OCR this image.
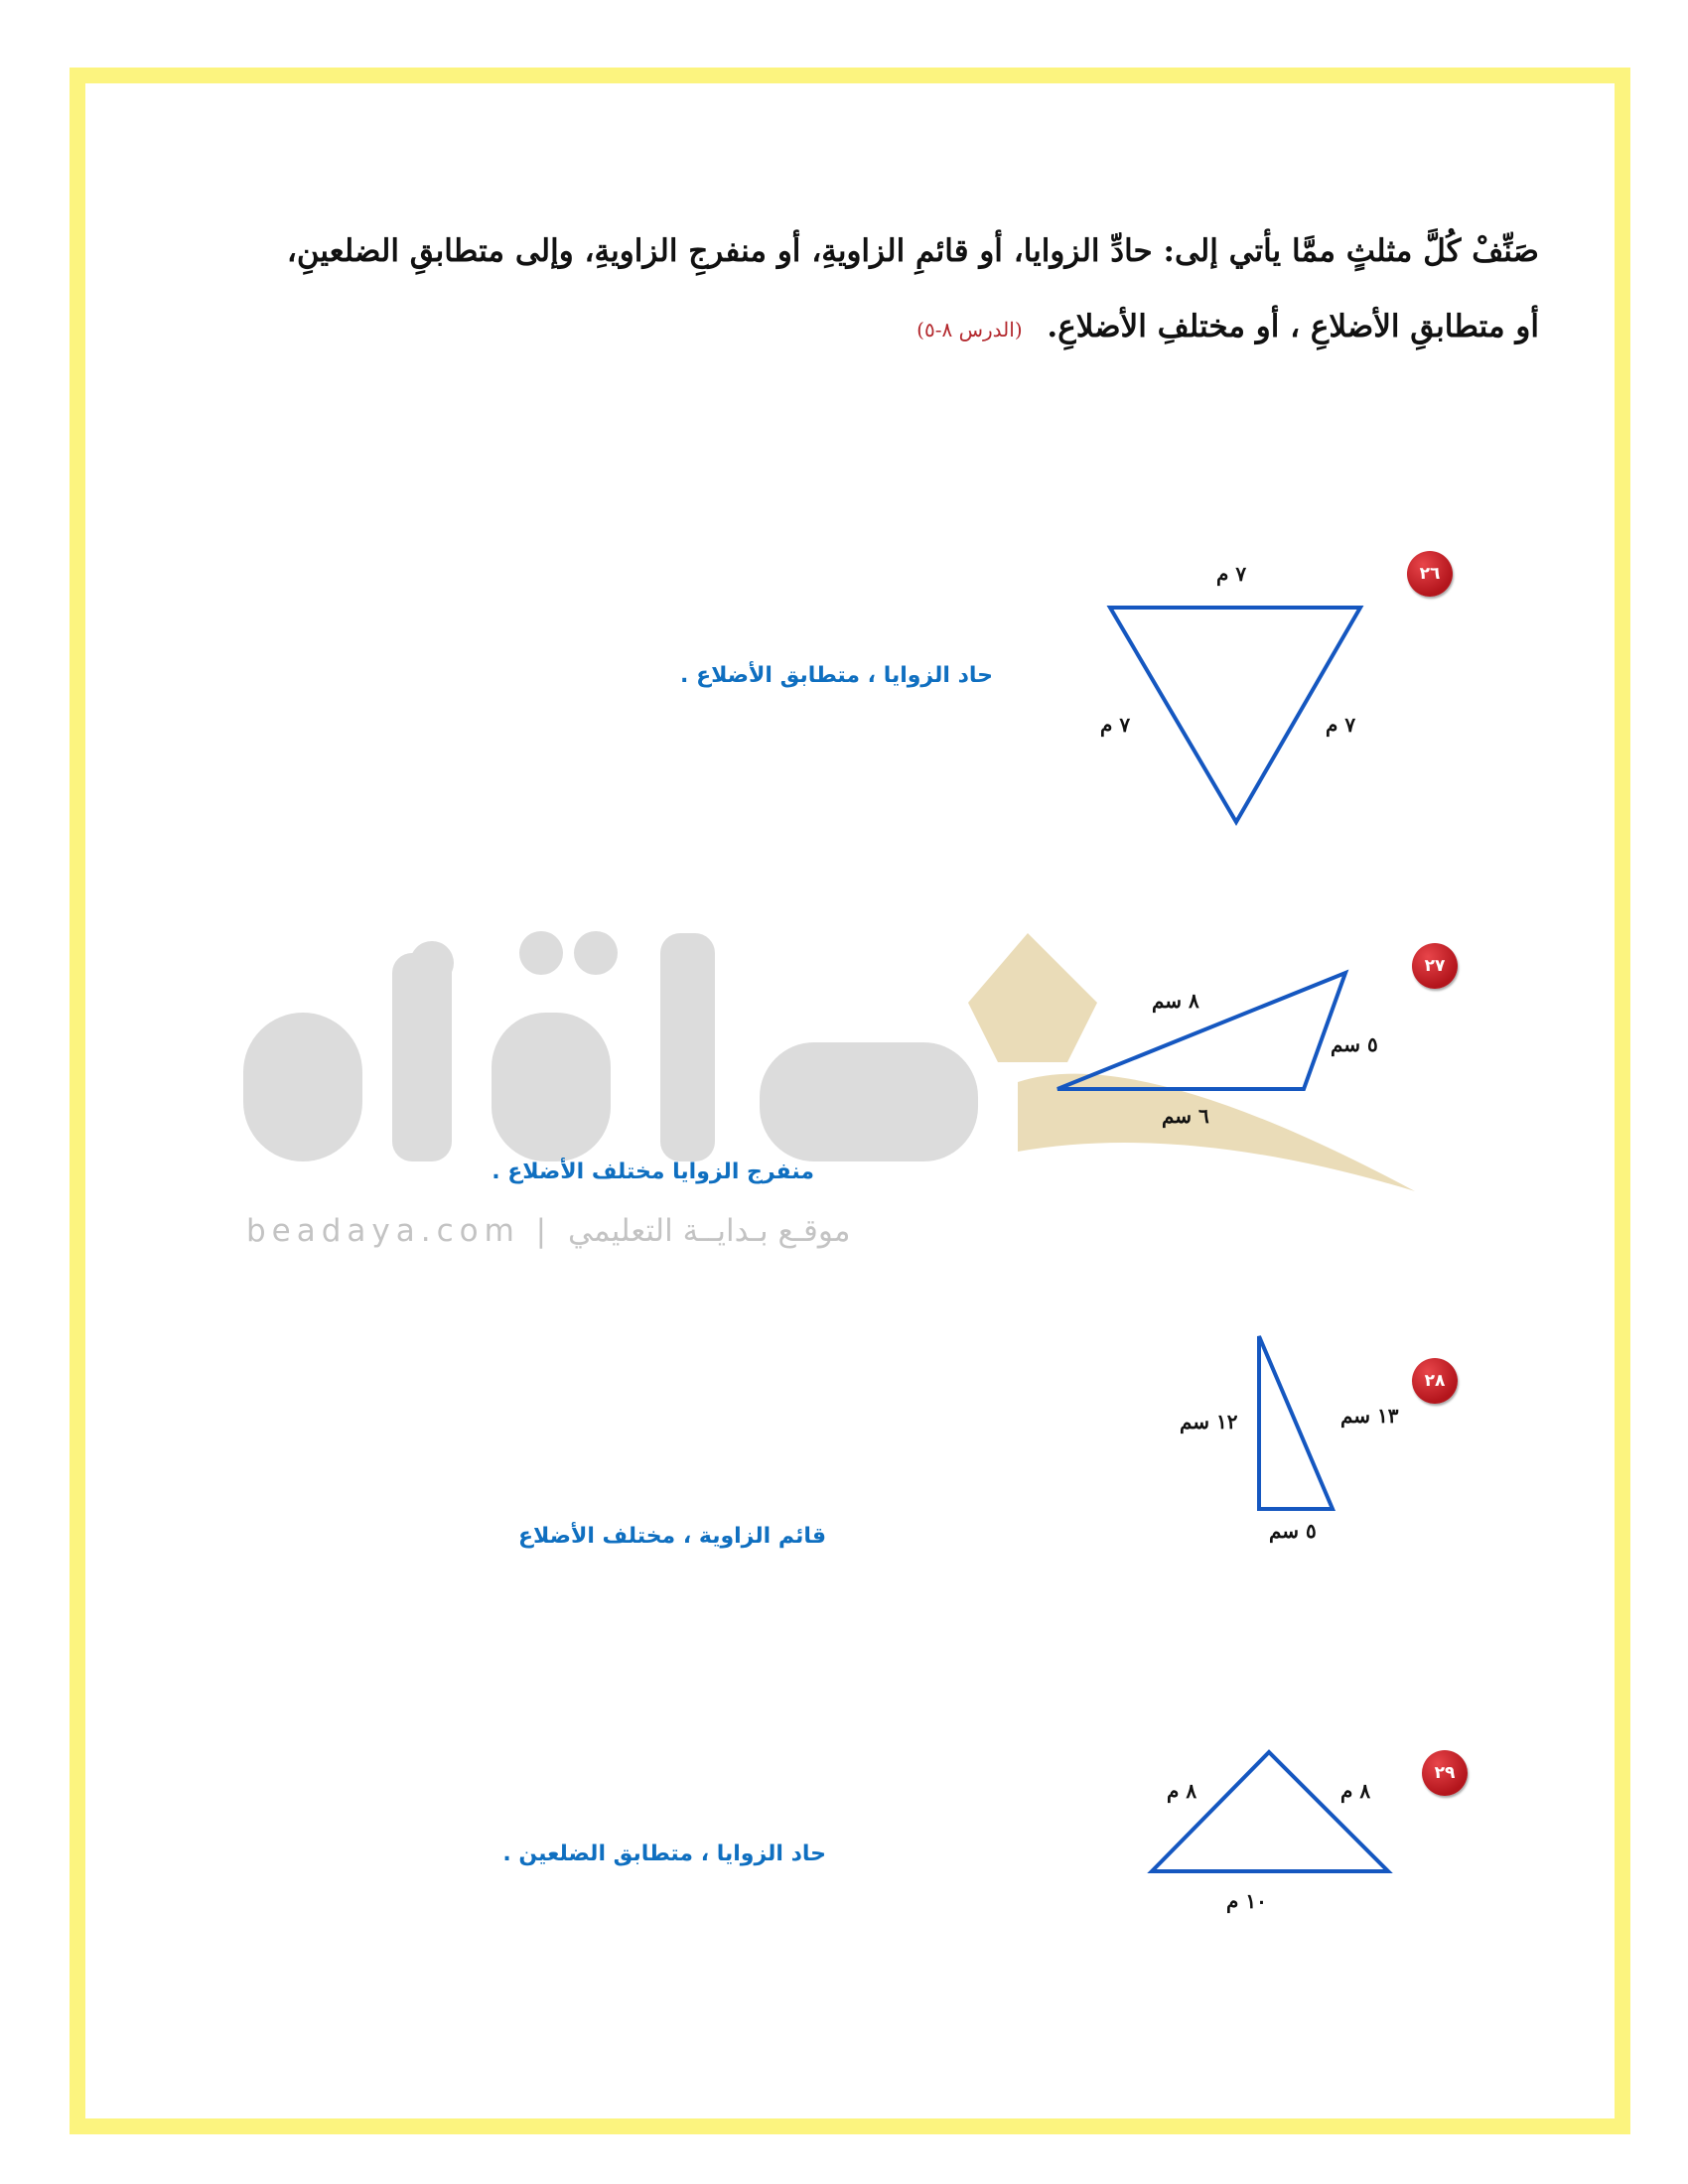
beadaya.com | موقـع بـدايــة التعليمي
صَنِّفْ كُلَّ مثلثٍ ممَّا يأتي إلى: حادِّ الزوايا، أو قائمِ الزاويةِ، أو منفرجِ الزاويةِ، وإلى متطابقِ الضلعينِ،
أو متطابقِ الأضلاعِ ، أو مختلفِ الأضلاعِ. (الدرس ٨-٥)
٢٦
٧ م
٧ م	٧ م
حاد الزوايا ، متطابق الأضلاع .
٢٧
٨ سم
٥ سم
٦ سم
منفرج الزوايا مختلف الأضلاع .
٢٨
١٢ سم	١٣ سم
٥ سم
قائم الزاوية ، مختلف الأضلاع
٢٩
٨ م	٨ م
١٠ م
حاد الزوايا ، متطابق الضلعين .
